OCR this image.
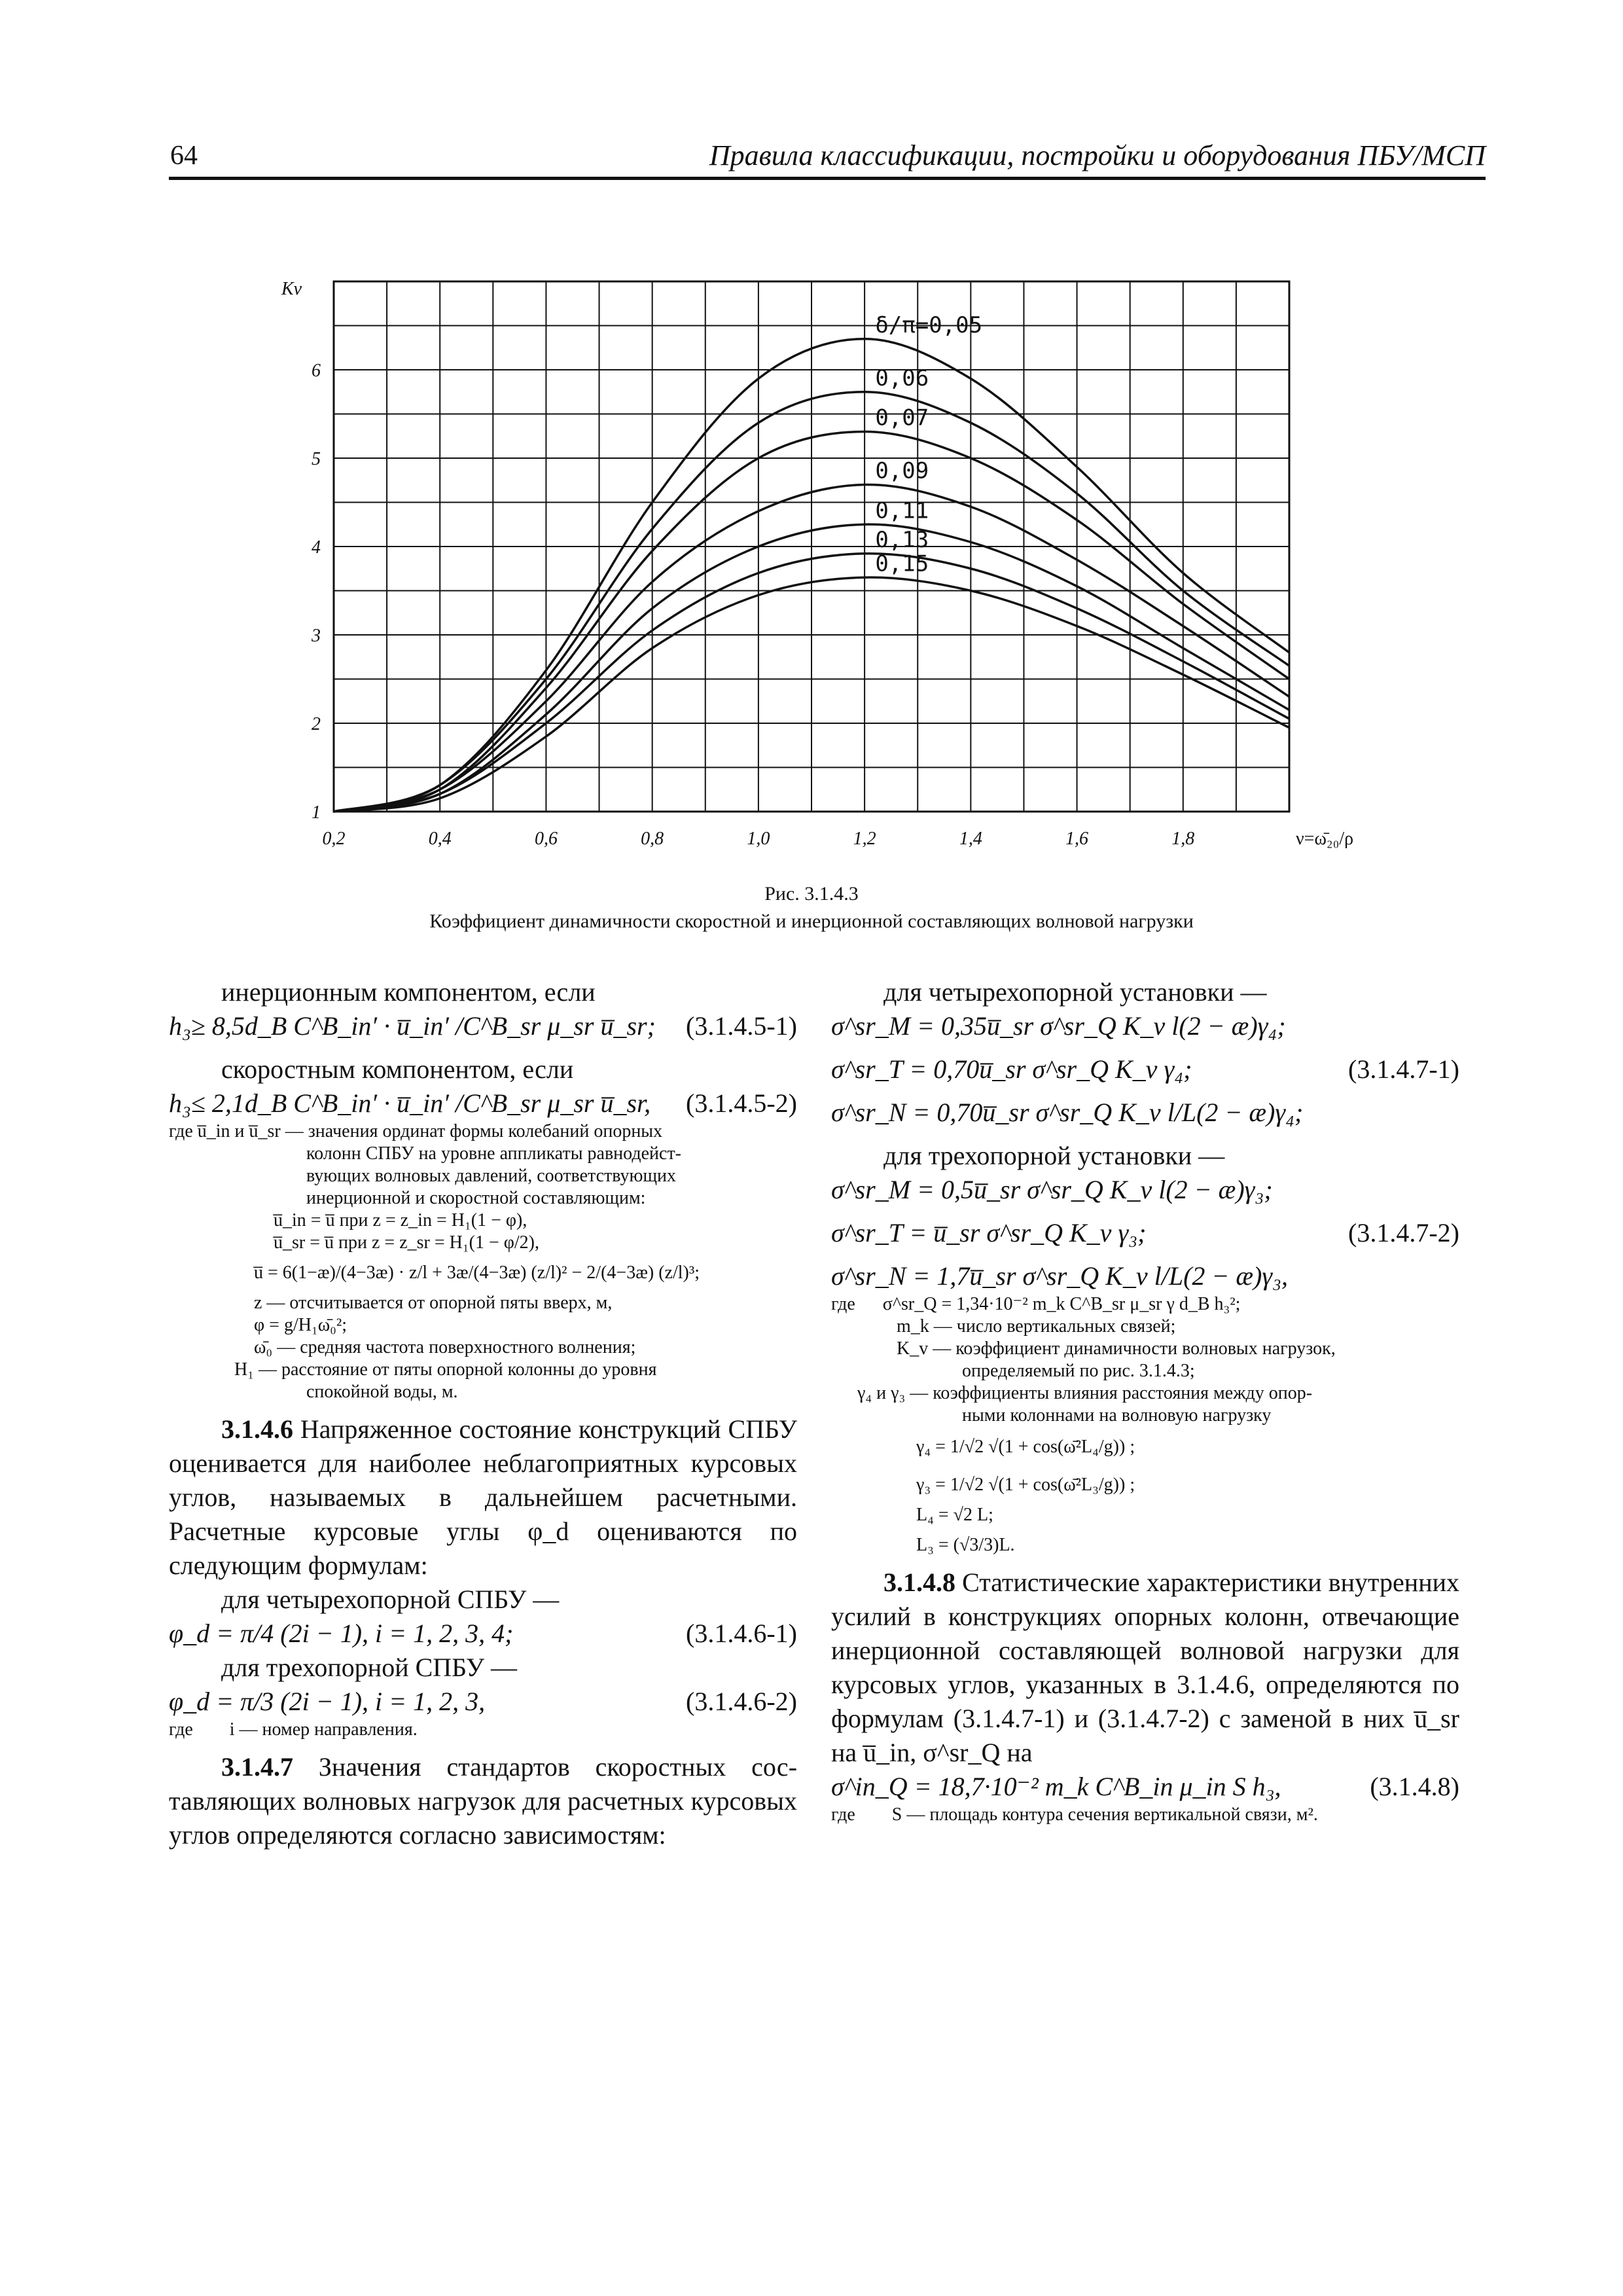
64	Правила классификации, постройки и оборудования ПБУ/МСП
δ/π=0,05
0,06
0,07
0,09
0,11
0,13
0,15
0,2	0,4	0,6	0,8	1,0	1,2	1,4	1,6	1,8
1
2
3
4
5
6
Kv
ν=ω̄₂₀/ρ
Рис. 3.1.4.3
Коэффициент динамичности скоростной и инерционной составляющих волновой нагрузки
инерционным компонентом, если
h₃≥ 8,5d_B C^B_in′ · u̅_in′ /C^B_sr μ_sr u̅_sr; (3.1.4.5-1)
скоростным компонентом, если
h₃≤ 2,1d_B C^B_in′ · u̅_in′ /C^B_sr μ_sr u̅_sr, (3.1.4.5-2)
где u̅_in и u̅_sr — значения ординат формы колебаний опорных
колонн СПБУ на уровне аппликаты равнодейст-
вующих волновых давлений, соответствующих
инерционной и скоростной составляющим:
u̅_in = u̅ при z = z_in = H₁(1 − φ),
u̅_sr = u̅ при z = z_sr = H₁(1 − φ/2),
u̅ = 6(1−æ)/(4−3æ) · z/l + 3æ/(4−3æ) (z/l)² − 2/(4−3æ) (z/l)³;
z — отсчитывается от опорной пяты вверх, м,
φ = g/H₁ω̄₀²;
ω̄₀ — средняя частота поверхностного волнения;
H₁ — расстояние от пяты опорной колонны до уровня
спокойной воды, м.
3.1.4.6 Напряженное состояние конструкций СПБУ оценивается для наиболее неблагоприятных курсовых углов, называемых в дальнейшем расчетными. Расчетные курсовые углы φ_d оцениваются по следующим формулам:
для четырехопорной СПБУ —
φ_d = π/4 (2i − 1), i = 1, 2, 3, 4;	(3.1.4.6-1)
для трехопорной СПБУ —
φ_d = π/3 (2i − 1), i = 1, 2, 3,	(3.1.4.6-2)
где        i — номер направления.
3.1.4.7 Значения стандартов скоростных составляющих волновых нагрузок для расчетных курсовых углов определяются согласно зависимостям:
для четырехопорной установки —
σ^sr_M = 0,35u̅_sr σ^sr_Q K_v l(2 − æ)γ₄;
σ^sr_T = 0,70u̅_sr σ^sr_Q K_v γ₄;	(3.1.4.7-1)
σ^sr_N = 0,70u̅_sr σ^sr_Q K_v l/L(2 − æ)γ₄;
для трехопорной установки —
σ^sr_M = 0,5u̅_sr σ^sr_Q K_v l(2 − æ)γ₃;
σ^sr_T = u̅_sr σ^sr_Q K_v γ₃;	(3.1.4.7-2)
σ^sr_N = 1,7u̅_sr σ^sr_Q K_v l/L(2 − æ)γ₃,
где      σ^sr_Q = 1,34·10⁻² m_k C^B_sr μ_sr γ d_B h₃²;
m_k — число вертикальных связей;
K_v — коэффициент динамичности волновых нагрузок,
определяемый по рис. 3.1.4.3;
γ₄ и γ₃ — коэффициенты влияния расстояния между опор-
ными колоннами на волновую нагрузку
γ₄ = 1/√2 √(1 + cos(ω̄²L₄/g)) ;
γ₃ = 1/√2 √(1 + cos(ω̄²L₃/g)) ;
L₄ = √2 L;
L₃ = (√3/3)L.
3.1.4.8 Статистические характеристики внутренних усилий в конструкциях опорных колонн, отвечающие инерционной составляющей волновой нагрузки для курсовых углов, указанных в 3.1.4.6, определяются по формулам (3.1.4.7-1) и (3.1.4.7-2) с заменой в них u̅_sr на u̅_in, σ^sr_Q на
σ^in_Q = 18,7·10⁻² m_k C^B_in μ_in S h₃,	(3.1.4.8)
где        S — площадь контура сечения вертикальной связи, м².
